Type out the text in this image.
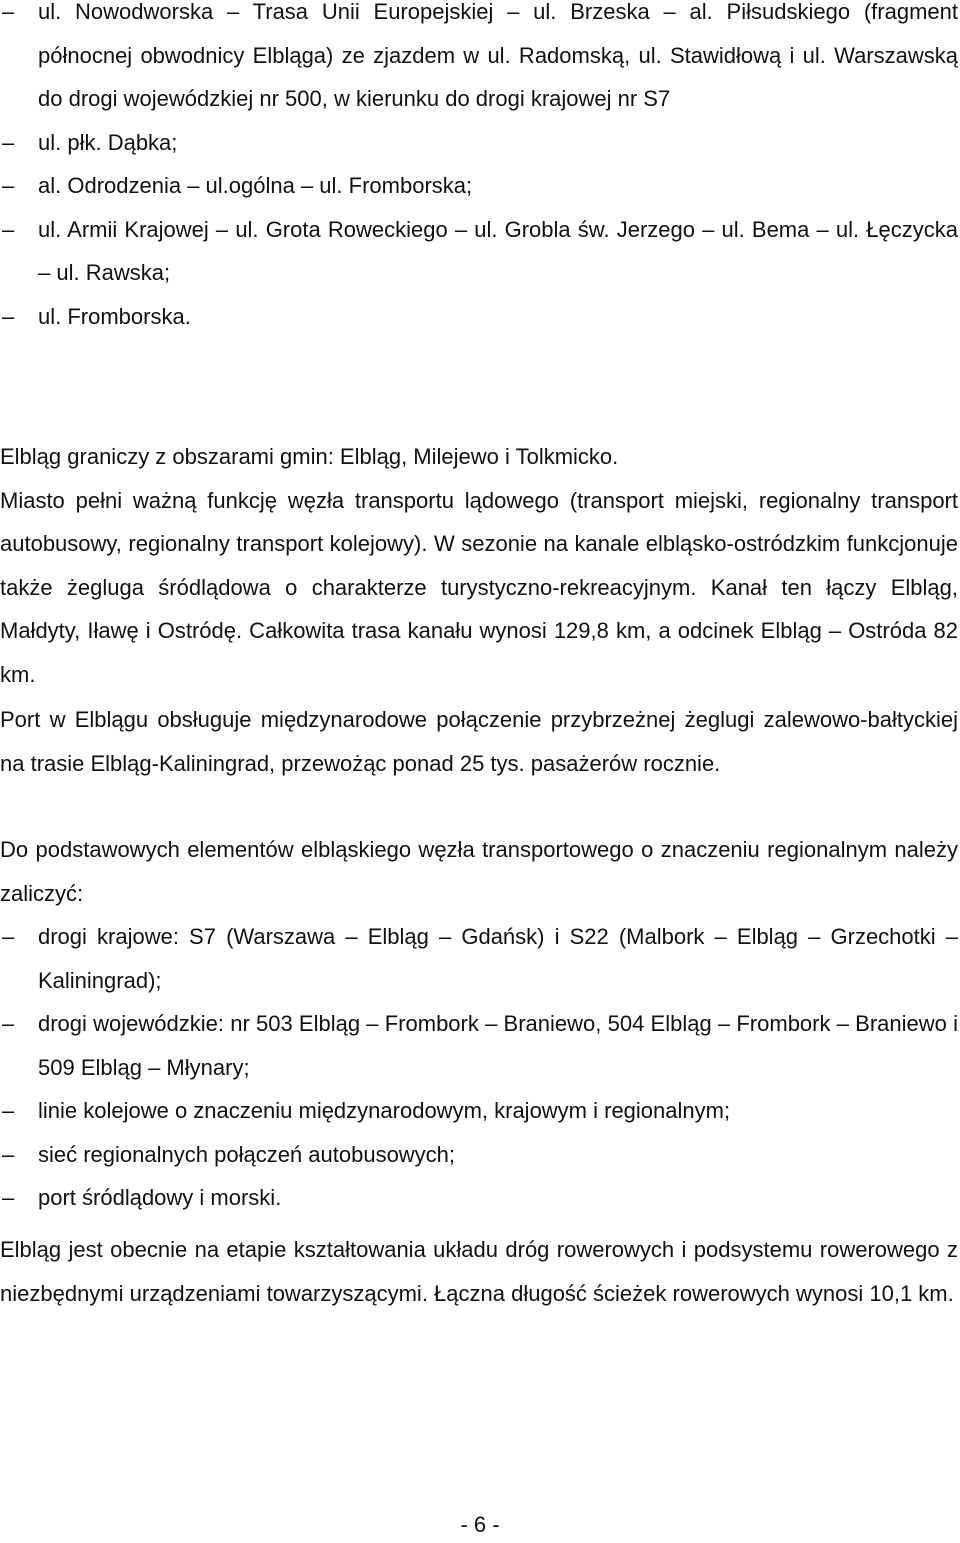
– ul. Nowodworska – Trasa Unii Europejskiej – ul. Brzeska – al. Piłsudskiego (fragment północnej obwodnicy Elbląga) ze zjazdem w ul. Radomską, ul. Stawidłową i ul. Warszawską do drogi wojewódzkiej nr 500, w kierunku do drogi krajowej nr S7
– ul. płk. Dąbka;
– al. Odrodzenia – ul.ogólna – ul. Fromborska;
– ul. Armii Krajowej – ul. Grota Roweckiego – ul. Grobla św. Jerzego – ul. Bema – ul. Łęczycka – ul. Rawska;
– ul. Fromborska.

Elbląg graniczy z obszarami gmin: Elbląg, Milejewo i Tolkmicko.

Miasto pełni ważną funkcję węzła transportu lądowego (transport miejski, regionalny transport autobusowy, regionalny transport kolejowy). W sezonie na kanale elbląsko-ostródzkim funkcjonuje także żegluga śródlądowa o charakterze turystyczno-rekreacyjnym. Kanał ten łączy Elbląg, Małdyty, Iławę i Ostródę. Całkowita trasa kanału wynosi 129,8 km, a odcinek Elbląg – Ostróda 82 km.

Port w Elblągu obsługuje międzynarodowe połączenie przybrzeżnej żeglugi zalewowo-bałtyckiej na trasie Elbląg-Kaliningrad, przewożąc ponad 25 tys. pasażerów rocznie.

Do podstawowych elementów elbląskiego węzła transportowego o znaczeniu regionalnym należy zaliczyć:

– drogi krajowe: S7 (Warszawa – Elbląg – Gdańsk) i S22 (Malbork – Elbląg – Grzechotki – Kaliningrad);
– drogi wojewódzkie: nr 503 Elbląg – Frombork – Braniewo, 504 Elbląg – Frombork – Braniewo i 509 Elbląg – Młynary;
– linie kolejowe o znaczeniu międzynarodowym, krajowym i regionalnym;
– sieć regionalnych połączeń autobusowych;
– port śródlądowy i morski.

Elbląg jest obecnie na etapie kształtowania układu dróg rowerowych i podsystemu rowerowego z niezbędnymi urządzeniami towarzyszącymi. Łączna długość ścieżek rowerowych wynosi 10,1 km.

- 6 -
